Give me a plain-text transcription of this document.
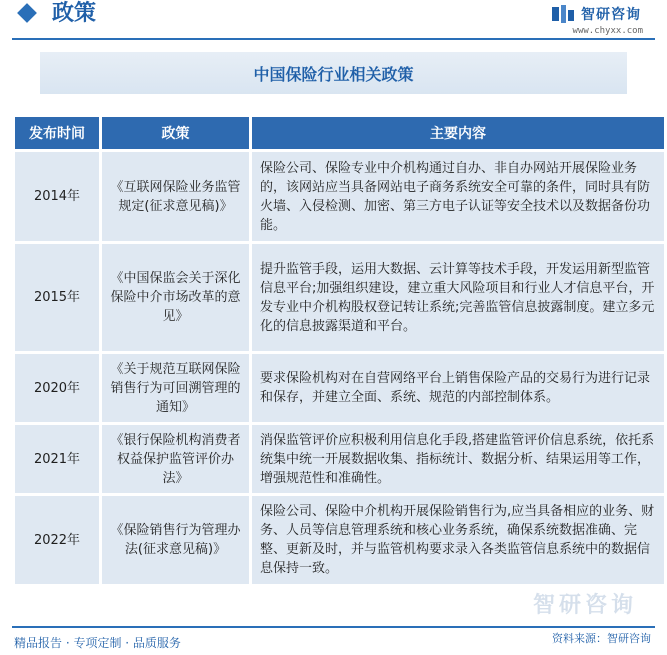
政策	智研咨询
www.chyxx.com
中国保险行业相关政策
发布时间	政策	主要内容
2014年	《互联网保险业务监管规定(征求意见稿)》	保险公司、保险专业中介机构通过自办、非自办网站开展保险业务的，该网站应当具备网站电子商务系统安全可靠的条件，同时具有防火墙、入侵检测、加密、第三方电子认证等安全技术以及数据备份功能。
2015年	《中国保监会关于深化保险中介市场改革的意见》	提升监管手段，运用大数据、云计算等技术手段，开发运用新型监管信息平台;加强组织建设，建立重大风险项目和行业人才信息平台，开发专业中介机构股权登记转让系统;完善监管信息披露制度。建立多元化的信息披露渠道和平台。
2020年	《关于规范互联网保险销售行为可回溯管理的通知》	要求保险机构对在自营网络平台上销售保险产品的交易行为进行记录和保存，并建立全面、系统、规范的内部控制体系。
2021年	《银行保险机构消费者权益保护监管评价办法》	消保监管评价应积极利用信息化手段,搭建监管评价信息系统，依托系统集中统一开展数据收集、指标统计、数据分析、结果运用等工作，增强规范性和准确性。
2022年	《保险销售行为管理办法(征求意见稿)》	保险公司、保险中介机构开展保险销售行为,应当具备相应的业务、财务、人员等信息管理系统和核心业务系统，确保系统数据准确、完整、更新及时，并与监管机构要求录入各类监管信息系统中的数据信息保持一致。
智研咨询
精品报告 · 专项定制 · 品质服务	资料来源：智研咨询
